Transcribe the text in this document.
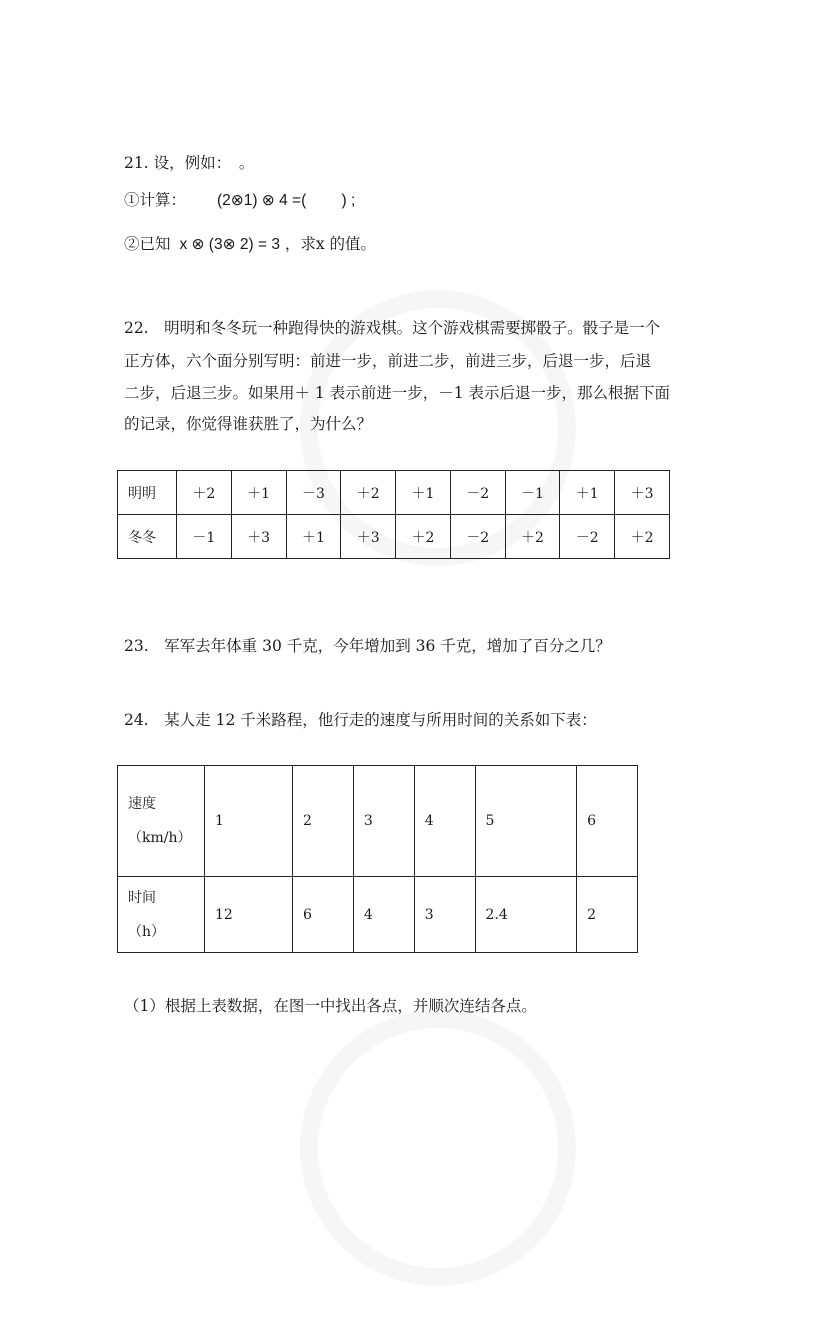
21. 设，例如：　。
①计算： (2⊗1) ⊗ 4 =(　　 ) ;
②已知 x ⊗ (3⊗ 2) = 3 ，求x 的值。
22.　明明和冬冬玩一种跑得快的游戏棋。这个游戏棋需要掷骰子。骰子是一个
正方体，六个面分别写明：前进一步，前进二步，前进三步，后退一步，后退
二步，后退三步。如果用＋ 1 表示前进一步，－1 表示后退一步，那么根据下面
的记录，你觉得谁获胜了，为什么？
明明	＋2	＋1	－3	＋2	＋1	－2	－1	＋1	＋3
冬冬	－1	＋3	＋1	＋3	＋2	－2	＋2	－2	＋2
23.　军军去年体重 30 千克，今年增加到 36 千克，增加了百分之几？
24.　某人走 12 千米路程，他行走的速度与所用时间的关系如下表：
速度
（km/h）	1	2	3	4	5	6

时间
（h）	12	6	4	3	2.4	2
（1）根据上表数据，在图一中找出各点，并顺次连结各点。
